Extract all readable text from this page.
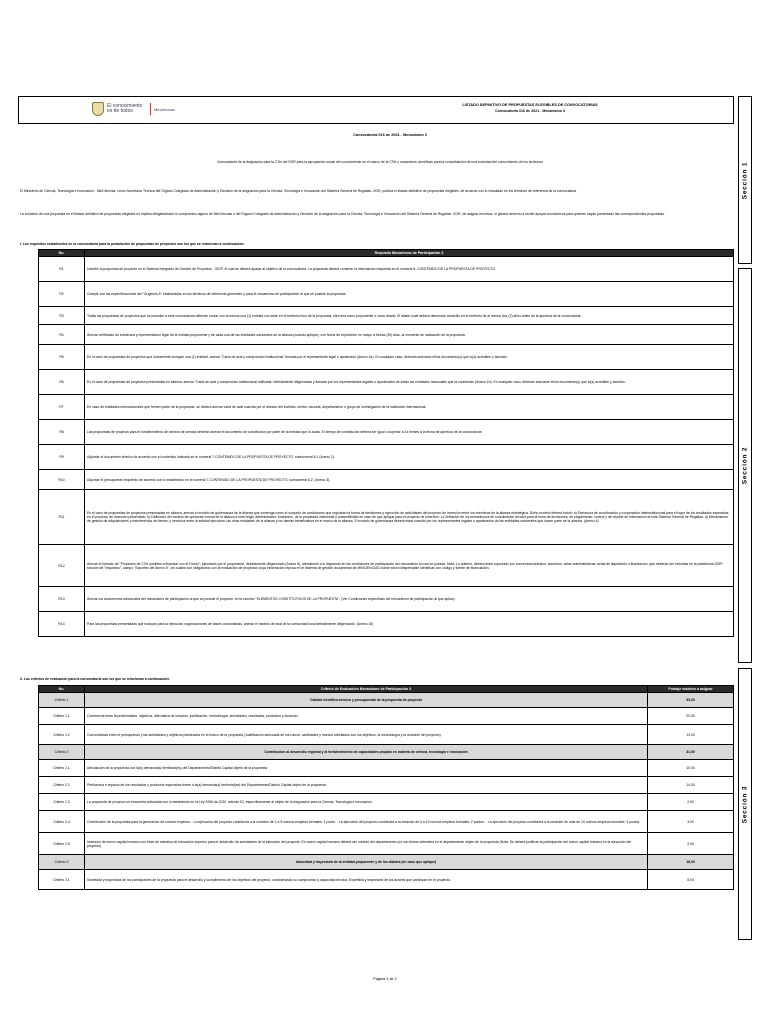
El conocimiento es de todos	Minciencias
LISTADO DEFINITIVO DE PROPUESTAS ELEGIBLES DE CONVOCATORIAS
Convocatoria 016 de 2021 - Mecanismo 3
Sección 1
Sección 2
Sección 3
Convocatoria 016 de 2021 - Mecanismo 3
Convocatoria de la Asignación para la CTeI del SGR para la apropiación social del conocimiento en el marco de la CTeI y vocaciones científicas para la consolidación de una sociedad del conocimiento de los territorios
El Ministerio de Ciencia, Tecnología e Innovación - MinCiencias, como Secretaría Técnica del Órgano Colegiado de Administración y Decisión de la asignación para la Ciencia, Tecnología e Innovación del Sistema General de Regalías -SGR, publica el listado definitivo de propuestas elegibles, de acuerdo con lo estudiado en los términos de referencia de la convocatoria
La inclusión de una propuesta en el listado definitivo de propuestas elegibles no implica obligatoriedad ni compromiso alguno de MinCiencias o del Órgano Colegiado de Administración y Decisión de la asignación para la Ciencia, Tecnología e Innovación del Sistema General de Regalías -SGR, de asignar recursos, ni genera derecho a recibir apoyos económicos para quienes hayan presentado las correspondientes propuestas.
I. Los requisitos establecidos en la convocatoria para la postulación de propuestas de proyectos son los que se relacionan a continuación:
No.	Requisito Mecanismo de Participación 3
R1	Inscribir la propuesta de proyecto en el Sistema Integrado de Gestión de Proyectos - SIGP, el cual se deberá ajustar al objetivo de la convocatoria. La propuesta deberá contener la información requerida en el numeral 8- CONTENIDO DE LA PROPUESTA DE PROYECTO.
R2	Cumplir con las especificaciones del "Orígenes A" establecidas en los términos de referencia generales y para el mecanismo de participación al que se postule la propuesta.
R3	Todas las propuestas de proyectos que se postulen a este convocatoria deberán contar con al menos una (1) entidad con sede en el territorio foco de la propuesta, bien sea como proponente o como aliado. El aliado local deberá demostrar domicilio en el territorio de al menos dos (2) años antes de la apertura de la convocatoria.
R4	Anexar certificado de existencia y representación legal de la entidad proponente y de cada una de las entidades nacionales de la alianza (cuando aplique), con fecha de expedición no mayor a treinta (30) días, al momento de radicación de la propuesta.
R5	En el caso de propuestas de proyectos que únicamente incluyan una (1) entidad, anexar "Carta de aval y compromiso institucional" firmada por el representante legal o apoderado (Anexo 1a). En cualquier caso, deberán anexarse el/los documento(s) que lo(s) acrediten y facultan.
R6	En el caso de propuestas de proyectos presentadas en alianza, anexar "Carta de aval y compromiso institucional unificada" debidamente diligenciada y firmada por los representantes legales o apoderados de todas las entidades nacionales que la conforman (Anexo 1b). En cualquier caso, deberán anexarse el/los documento(s) que lo(s) acrediten y facultan.
R7	En caso de entidades internacionales que formen parte de la propuesta, se deberá anexar carta de aval suscrita por el director del instituto, centro, escuela, departamento o grupo de investigación de la institución internacional.
R8	Las propuestas de proyecto para el fortalecimiento de centros de ciencia deberán anexar el documento de constitución por parte de la entidad que lo avala. El tiempo de constitución deberá ser igual o superior a 24 meses a la fecha de apertura de la convocatoria
R9	Adjuntar el documento técnico de acuerdo con el contenido indicado en el numeral 7-CONTENIDO DE LA PROPUESTA DE PROYECTO, subnumeral 8.1 (Anexo 2).
R10	Adjuntar el presupuesto requerido de acuerdo con lo establecido en el numeral 7-CONTENIDO DE LA PROPUESTA DE PROYECTO, subnumeral 8.2. (Anexo 3).
R11	En el caso de propuestas de proyectos presentadas en alianza, anexar el modelo de gobernanza de la alianza que contenga como el conjunto de condiciones que regularán la forma de decisiones y ejecución de actividades del proyecto de inversión entre los miembros de la alianza estratégica. Dicho modelo deberá incluir: a) Estructura de coordinación y cooperación interinstitucional para el logro de los resultados esperados en el proyecto de inversión presentado. b) Definición del modelo de operación formal de la alianza a nivel legal, administrativo, financiero, de la propiedad intelectual y sostenibilidad en caso de que aplique para el proyecto de inversión. c) Definición de los mecanismos de coordinación técnica para la toma de decisiones, de seguimiento, control y de reporte de información al ente Sistema General de Regalías. d) Mecanismos de gestión de adquisiciones y transferencia de bienes, y servicios entre la entidad ejecutora, las otras entidades de la alianza y los demás beneficiarios en el marco de la alianza. El modelo de gobernanza deberá estar suscrito por los representantes legales o apoderados de las entidades nacionales que hacen parte de la alianza. (Anexo 4)
R12	Anexar el formato de "Proyectos de CTeI posibles a financiar con el Fondo", ejecutado por el proponente, debidamente diligenciado (Anexo 5), atendiendo a lo dispuesto en las condiciones de participación del mecanismo al cual se postula. Nota: Lo anterior, deberá estar soportado por convenios/contratos, acuerdos, actas administrativas, actas de liquidación o finalización, que deberán ser incluidas en la plataforma SIGP, sección de "requisitos", campo "Soportes del Anexo 5", los cuales son obligatorios con la evaluación de proyectos cuya información reposa en el sistema de gestión documental de MINCIENCIAS donde será indispensable identificar con código y fuente de financiación.
R13	Anexar los documentos adicionales del mecanismo de participación al que se postule el proyecto, en la sección "ELEMENTOS CONSTITUTIVOS DE LA PROPUESTA". (Ver Condiciones específicas del mecanismo de participación al que aplica).
R14	Para las propuestas presentadas que incluyan para la ejecución organizaciones de bases comunitarias, anexar el modelo de aval de la comunidad local debidamente diligenciado. (Anexo 10)
II. Los criterios de evaluación para la convocatoria son los que se relacionan a continuación:
No.	Criterio de Evaluación Mecanismo de Participación 3	Puntaje máximo a asignar
Criterio 1	Calidad científico-técnica y presupuestal de la propuesta de proyecto	33,00
Criterio 1.1	Coherencia entre la problemática, objetivos, alternativa de solución, justificación, metodología, actividades, resultados, productos y duración.	20,00
Criterio 1.2	Concordancia entre el presupuesto y las actividades y objetivos planteados en el marco de la propuesta (Justificación adecuada de los rubros, cantidades y montos solicitados con los objetivos, la metodología y la duración del proyecto).	13,00
Criterio 2	Contribución al desarrollo regional y al fortalecimiento de capacidades propias en materia de ciencia, tecnología e innovación	31,00
Criterio 2.1	Articulación de la propuesta con la(s) demanda(s) territorial(es) del Departamento/Distrito Capital objeto de la propuesta	10,00
Criterio 2.2	Pertinencia e impacto de los resultados y productos esperados frente a la(s) demanda(s) territorial(es) del Departamento/Distrito Capital objeto de la propuesta	14,00
Criterio 2.3	La propuesta de proyecto se encuentra articulada con lo establecido en la Ley 2056 de 2020, artículo 52, específicamente al objeto de la Asignación para la Ciencia, Tecnología e Innovación.	2,00
Criterio 2.4	Contribución de la propuesta para la generación de nuevos empleos: - La ejecución del proyecto contribuirá a la creación de 1 a 5 nuevos empleos formales: 1 punto. - La ejecución del proyecto contribuirá a la creación de 6 a 10 nuevos empleos formales: 2 puntos. - La ejecución del proyecto contribuirá a la creación de más de 10 nuevos empleos formales: 3 puntos.	3,00
Criterio 2.5	Inversión de nuevo capital humano con título de estudios de educación superior para el desarrollo de actividades de la ejecución del proyecto. En nuevo capital humano deberá ser oriundo del departamento y/o con títulos obtenidos en el departamento objeto de la propuesta (Nota: Se deberá justificar la participación del nuevo capital humano en la ejecución del proyecto).	2,00
Criterio 3	Idoneidad y trayectoria de la entidad proponente y de los aliados (en caso que aplique)	18,00
Criterio 3.1	Idoneidad y trayectoria de los participantes de la propuesta para el desarrollo y cumplimiento de los objetivos del proyecto, considerando su compromiso y capacidad técnica. Experticia y trayectoria de los actores que participan en el proyecto.	8,00
Página 1 de 2
